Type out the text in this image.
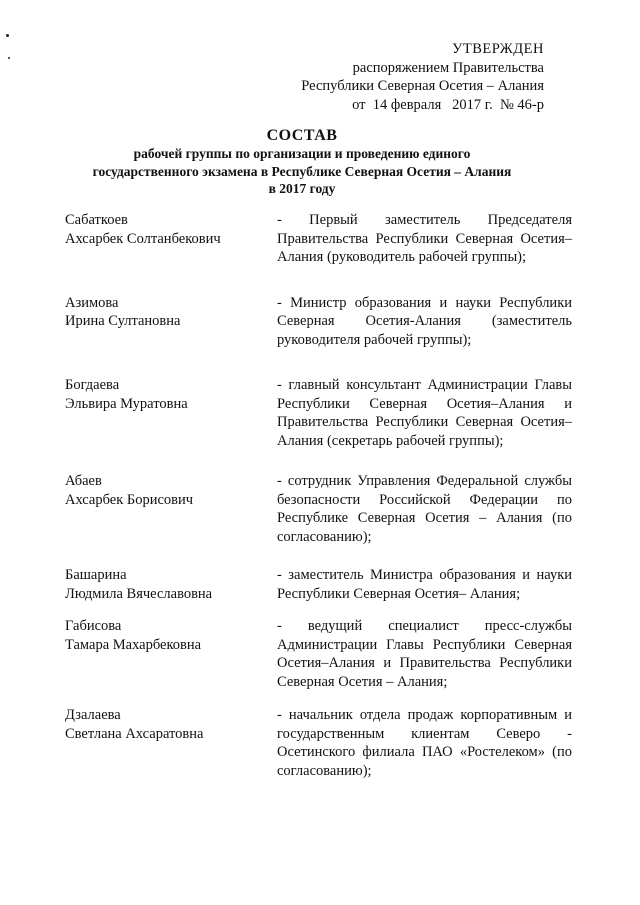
УТВЕРЖДЕН
распоряжением Правительства
Республики Северная Осетия – Алания
от 14 февраля 2017 г. № 46-р
СОСТАВ
рабочей группы по организации и проведению единого
государственного экзамена в Республике Северная Осетия – Алания
в 2017 году
Сабаткоев
Ахсарбек Солтанбекович
- Первый заместитель Председателя Правительства Республики Северная Осетия–Алания (руководитель рабочей группы);
Азимова
Ирина Султановна
- Министр образования и науки Республики Северная Осетия-Алания (заместитель руководителя рабочей группы);
Богдаева
Эльвира Муратовна
- главный консультант Администрации Главы Республики Северная Осетия–Алания и Правительства Республики Северная Осетия–Алания (секретарь рабочей группы);
Абаев
Ахсарбек Борисович
- сотрудник Управления Федеральной службы безопасности Российской Федерации по Республике Северная Осетия – Алания (по согласованию);
Башарина
Людмила Вячеславовна
- заместитель Министра образования и науки Республики Северная Осетия– Алания;
Габисова
Тамара Махарбековна
- ведущий специалист пресс-службы Администрации Главы Республики Северная Осетия–Алания и Правительства Республики Северная Осетия – Алания;
Дзалаева
Светлана Ахсаратовна
- начальник отдела продаж корпоративным и государственным клиентам Северо - Осетинского филиала ПАО «Ростелеком» (по согласованию);
